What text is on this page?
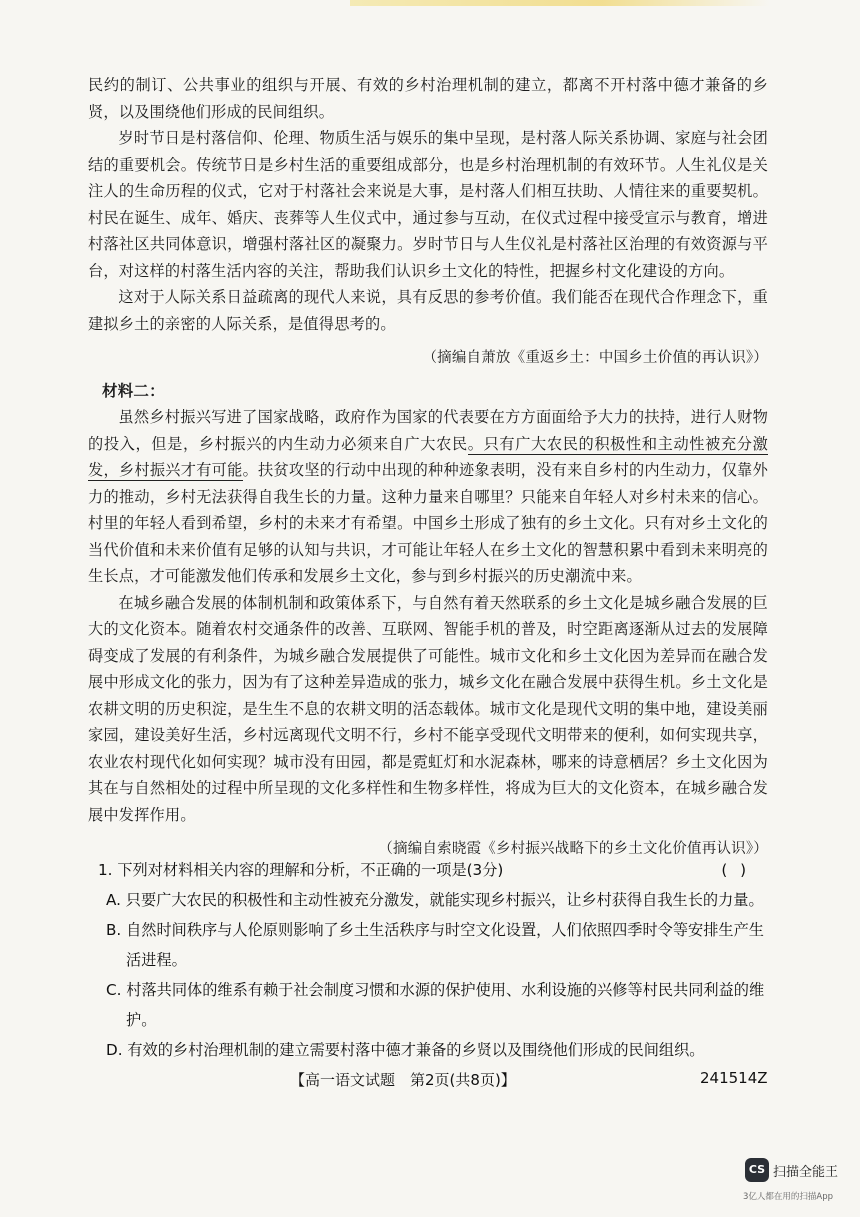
民约的制订、公共事业的组织与开展、有效的乡村治理机制的建立，都离不开村落中德才兼备的乡贤，以及围绕他们形成的民间组织。

岁时节日是村落信仰、伦理、物质生活与娱乐的集中呈现，是村落人际关系协调、家庭与社会团结的重要机会。传统节日是乡村生活的重要组成部分，也是乡村治理机制的有效环节。人生礼仪是关注人的生命历程的仪式，它对于村落社会来说是大事，是村落人们相互扶助、人情往来的重要契机。村民在诞生、成年、婚庆、丧葬等人生仪式中，通过参与互动，在仪式过程中接受宣示与教育，增进村落社区共同体意识，增强村落社区的凝聚力。岁时节日与人生仪礼是村落社区治理的有效资源与平台，对这样的村落生活内容的关注，帮助我们认识乡土文化的特性，把握乡村文化建设的方向。

这对于人际关系日益疏离的现代人来说，具有反思的参考价值。我们能否在现代合作理念下，重建拟乡土的亲密的人际关系，是值得思考的。

（摘编自萧放《重返乡土：中国乡土价值的再认识》）
材料二：

虽然乡村振兴写进了国家战略，政府作为国家的代表要在方方面面给予大力的扶持，进行人财物的投入，但是，乡村振兴的内生动力必须来自广大农民。只有广大农民的积极性和主动性被充分激发，乡村振兴才有可能。扶贫攻坚的行动中出现的种种迹象表明，没有来自乡村的内生动力，仅靠外力的推动，乡村无法获得自我生长的力量。这种力量来自哪里？只能来自年轻人对乡村未来的信心。村里的年轻人看到希望，乡村的未来才有希望。中国乡土形成了独有的乡土文化。只有对乡土文化的当代价值和未来价值有足够的认知与共识，才可能让年轻人在乡土文化的智慧积累中看到未来明亮的生长点，才可能激发他们传承和发展乡土文化，参与到乡村振兴的历史潮流中来。

在城乡融合发展的体制机制和政策体系下，与自然有着天然联系的乡土文化是城乡融合发展的巨大的文化资本。随着农村交通条件的改善、互联网、智能手机的普及，时空距离逐渐从过去的发展障碍变成了发展的有利条件，为城乡融合发展提供了可能性。城市文化和乡土文化因为差异而在融合发展中形成文化的张力，因为有了这种差异造成的张力，城乡文化在融合发展中获得生机。乡土文化是农耕文明的历史积淀，是生生不息的农耕文明的活态载体。城市文化是现代文明的集中地，建设美丽家园，建设美好生活，乡村远离现代文明不行，乡村不能享受现代文明带来的便利，如何实现共享，农业农村现代化如何实现？城市没有田园，都是霓虹灯和水泥森林，哪来的诗意栖居？乡土文化因为其在与自然相处的过程中所呈现的文化多样性和生物多样性，将成为巨大的文化资本，在城乡融合发展中发挥作用。

（摘编自索晓霞《乡村振兴战略下的乡土文化价值再认识》）

1. 下列对材料相关内容的理解和分析，不正确的一项是(3分)	( )

A. 只要广大农民的积极性和主动性被充分激发，就能实现乡村振兴，让乡村获得自我生长的力量。

B. 自然时间秩序与人伦原则影响了乡土生活秩序与时空文化设置，人们依照四季时令等安排生产生活进程。

C. 村落共同体的维系有赖于社会制度习惯和水源的保护使用、水利设施的兴修等村民共同利益的维护。

D. 有效的乡村治理机制的建立需要村落中德才兼备的乡贤以及围绕他们形成的民间组织。

【高一语文试题　第2页(共8页)】	241514Z
CS 扫描全能王
3亿人都在用的扫描App
